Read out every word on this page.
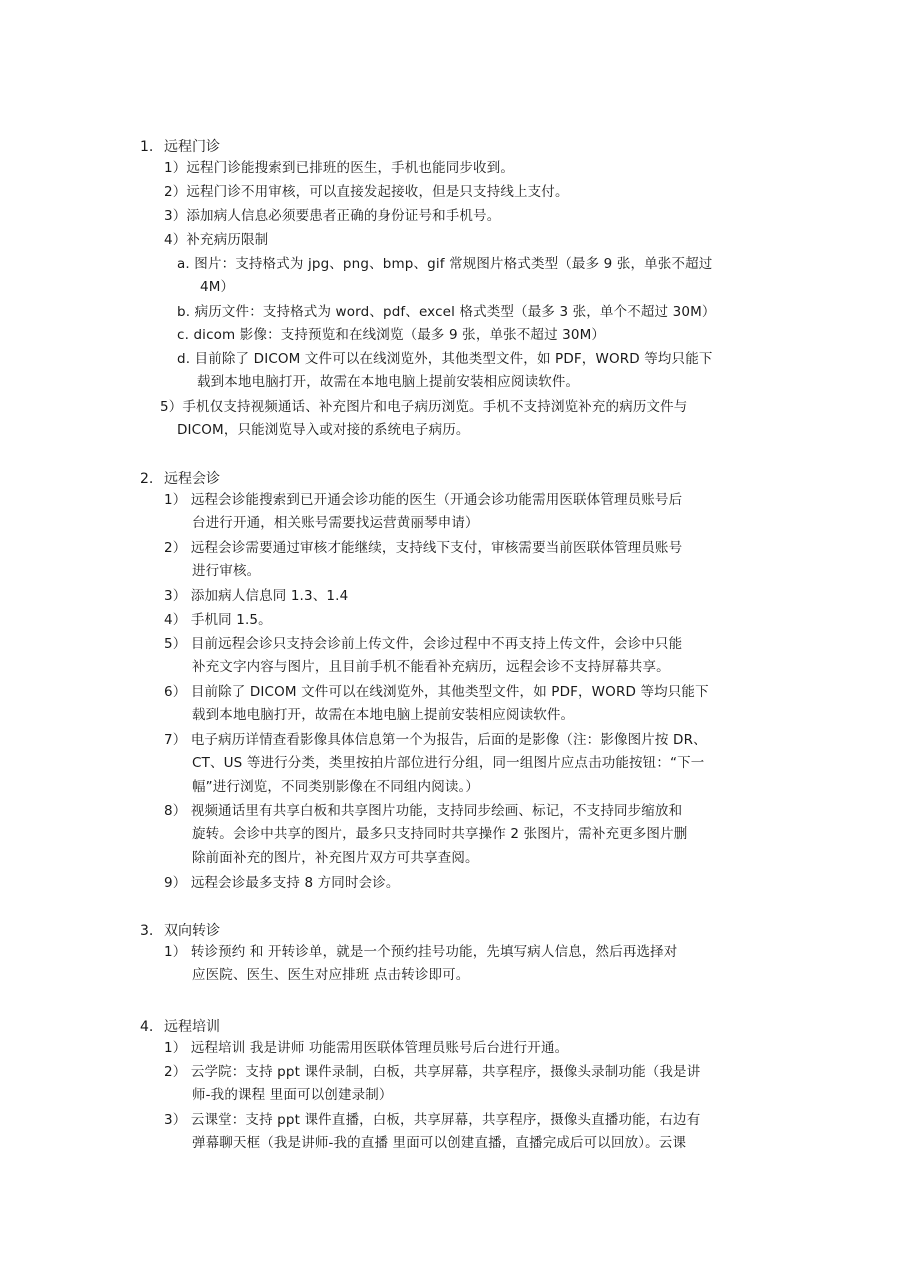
1. 远程门诊
1）远程门诊能搜索到已排班的医生，手机也能同步收到。
2）远程门诊不用审核，可以直接发起接收，但是只支持线上支付。
3）添加病人信息必须要患者正确的身份证号和手机号。
4）补充病历限制
a. 图片：支持格式为 jpg、png、bmp、gif 常规图片格式类型（最多 9 张，单张不超过
4M）
b. 病历文件：支持格式为 word、pdf、excel 格式类型（最多 3 张，单个不超过 30M）
c. dicom 影像：支持预览和在线浏览（最多 9 张，单张不超过 30M）
d. 目前除了 DICOM 文件可以在线浏览外，其他类型文件，如 PDF，WORD 等均只能下
载到本地电脑打开，故需在本地电脑上提前安装相应阅读软件。
5）手机仅支持视频通话、补充图片和电子病历浏览。手机不支持浏览补充的病历文件与
DICOM，只能浏览导入或对接的系统电子病历。
2. 远程会诊
1） 远程会诊能搜索到已开通会诊功能的医生（开通会诊功能需用医联体管理员账号后
台进行开通，相关账号需要找运营黄丽琴申请）
2） 远程会诊需要通过审核才能继续，支持线下支付，审核需要当前医联体管理员账号
进行审核。
3） 添加病人信息同 1.3、1.4
4） 手机同 1.5。
5） 目前远程会诊只支持会诊前上传文件，会诊过程中不再支持上传文件，会诊中只能
补充文字内容与图片，且目前手机不能看补充病历，远程会诊不支持屏幕共享。
6） 目前除了 DICOM 文件可以在线浏览外，其他类型文件，如 PDF，WORD 等均只能下
载到本地电脑打开，故需在本地电脑上提前安装相应阅读软件。
7） 电子病历详情查看影像具体信息第一个为报告，后面的是影像（注：影像图片按 DR、
CT、US 等进行分类，类里按拍片部位进行分组，同一组图片应点击功能按钮：“下一
幅”进行浏览，不同类别影像在不同组内阅读。）
8） 视频通话里有共享白板和共享图片功能，支持同步绘画、标记，不支持同步缩放和
旋转。会诊中共享的图片，最多只支持同时共享操作 2 张图片，需补充更多图片删
除前面补充的图片，补充图片双方可共享查阅。
9） 远程会诊最多支持 8 方同时会诊。
3. 双向转诊
1） 转诊预约 和 开转诊单，就是一个预约挂号功能，先填写病人信息，然后再选择对
应医院、医生、医生对应排班 点击转诊即可。
4. 远程培训
1） 远程培训 我是讲师 功能需用医联体管理员账号后台进行开通。
2） 云学院：支持 ppt 课件录制，白板，共享屏幕，共享程序，摄像头录制功能（我是讲
师-我的课程 里面可以创建录制）
3） 云课堂：支持 ppt 课件直播，白板，共享屏幕，共享程序，摄像头直播功能，右边有
弹幕聊天框（我是讲师-我的直播 里面可以创建直播，直播完成后可以回放）。云课
